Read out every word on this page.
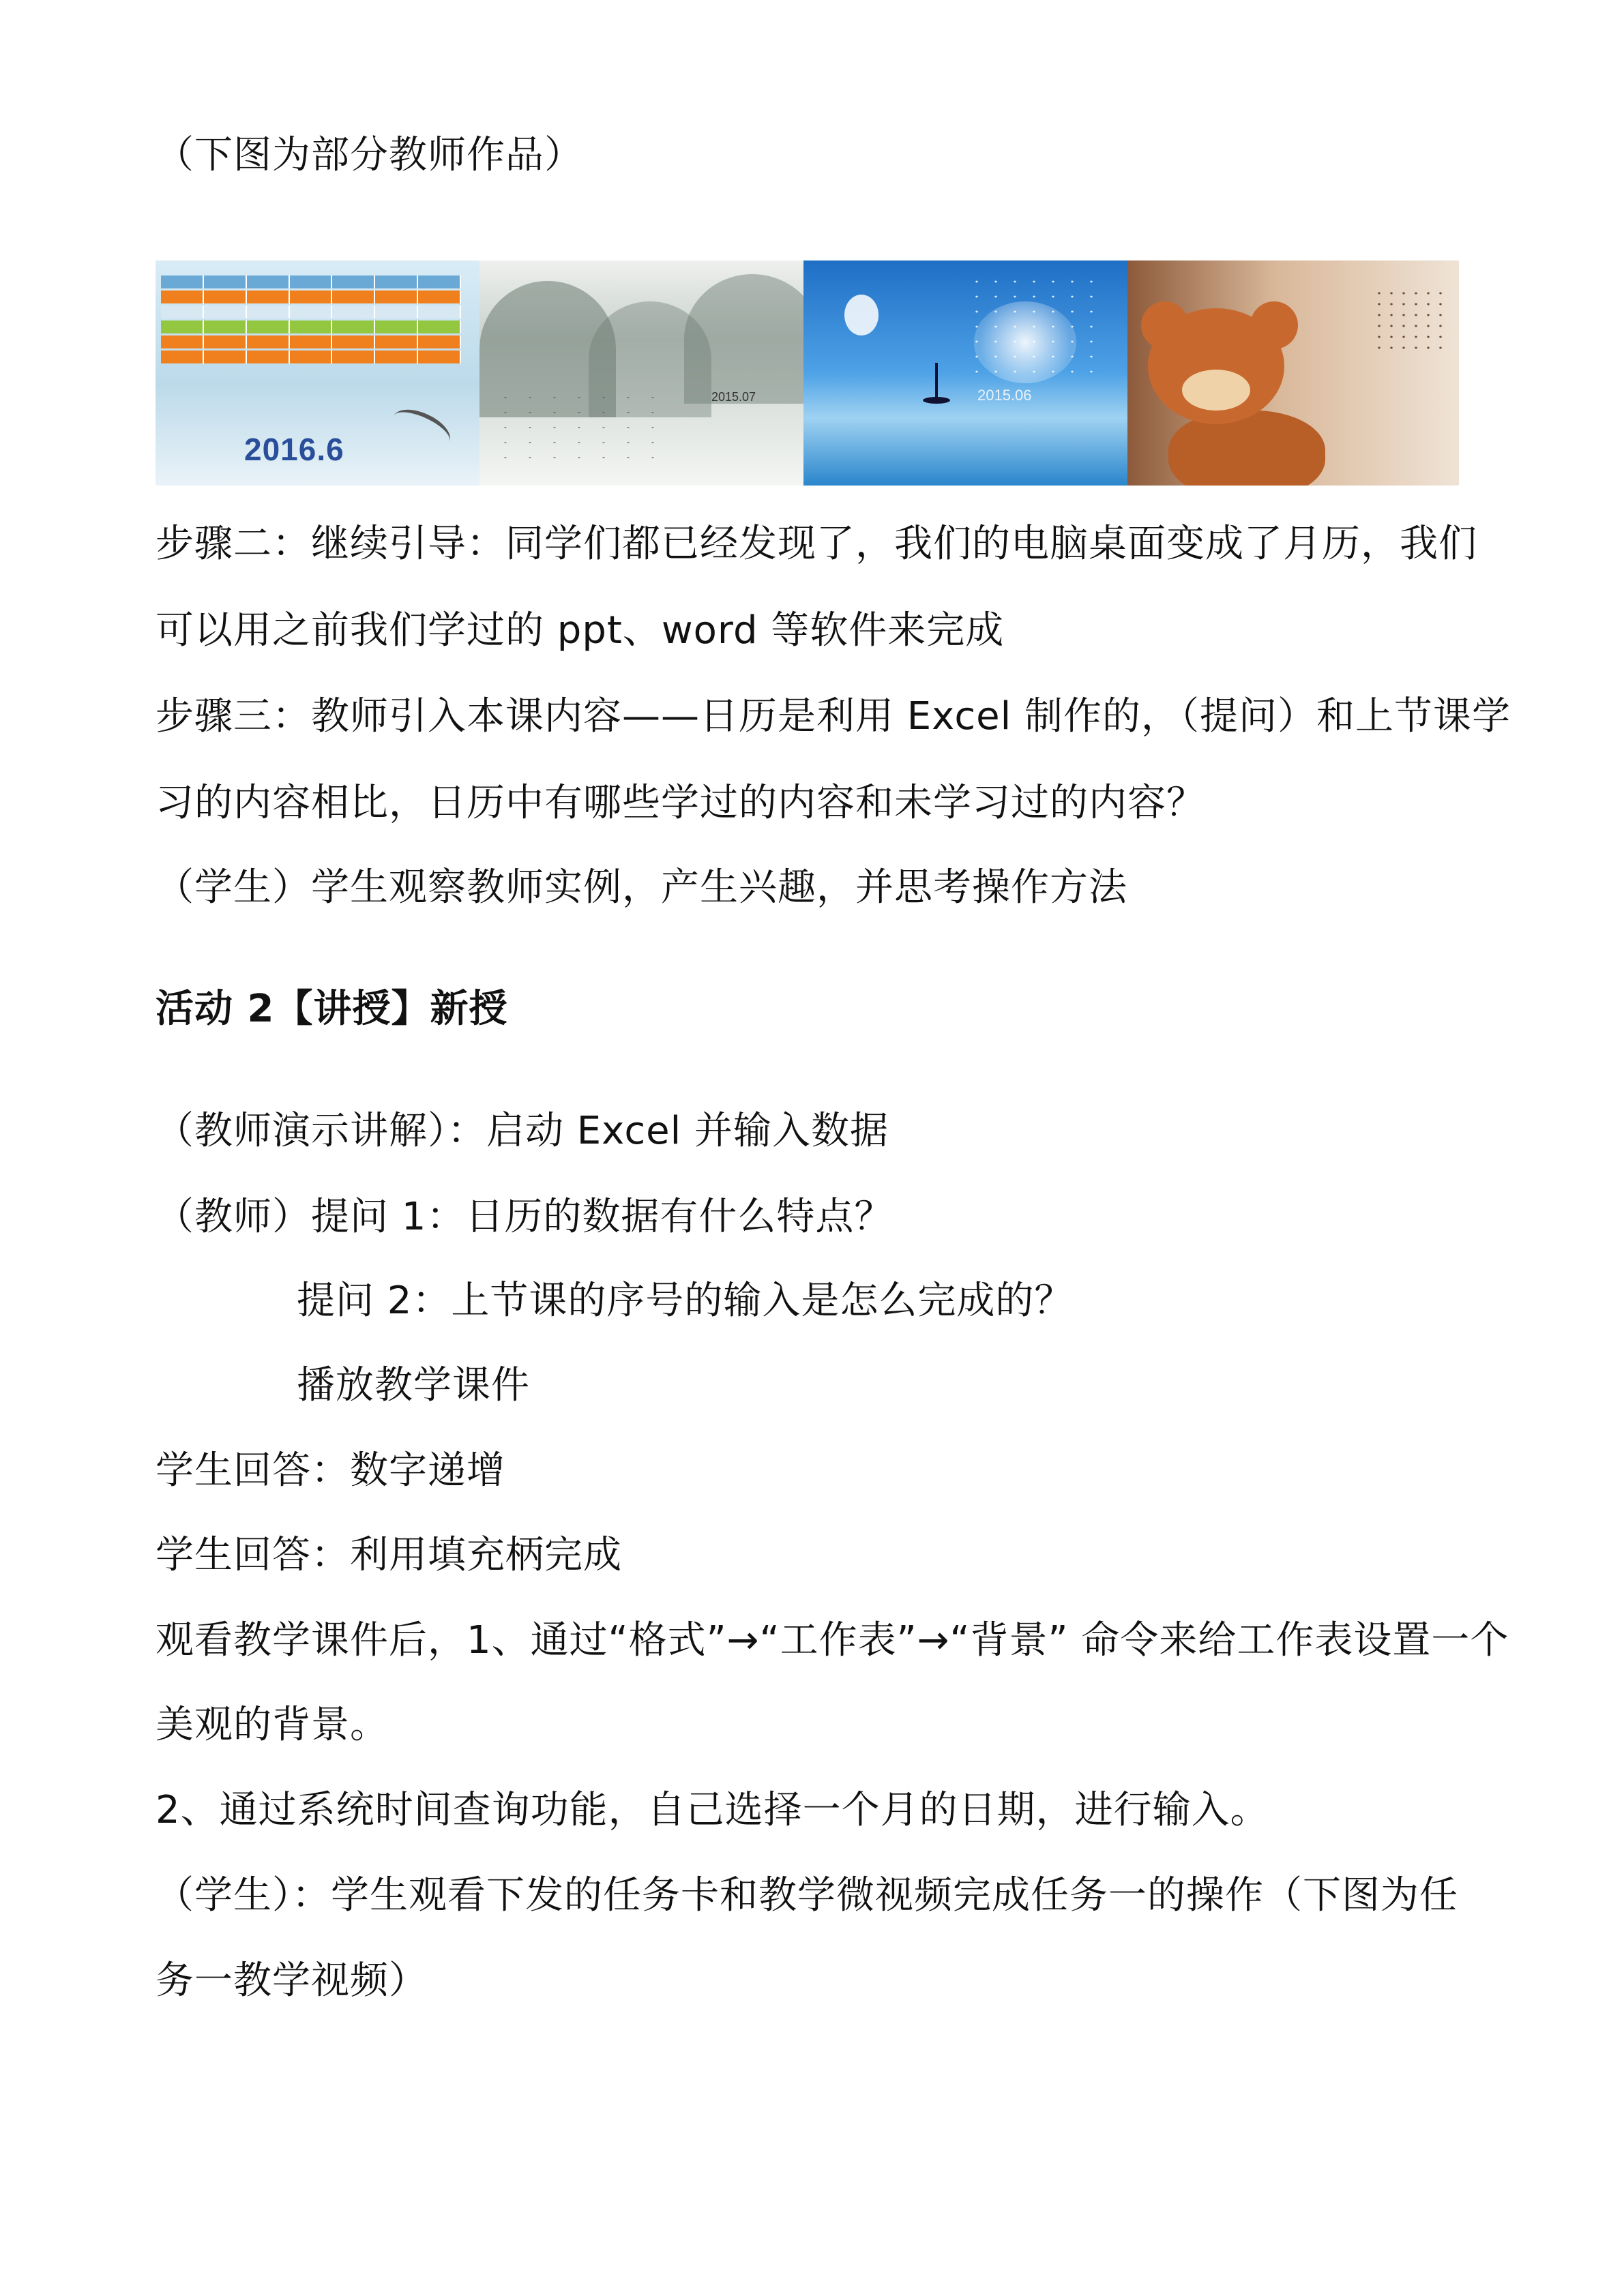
（下图为部分教师作品）

2016.6
2015.07	2015.06

步骤二：继续引导：同学们都已经发现了，我们的电脑桌面变成了月历，我们

可以用之前我们学过的 ppt、word 等软件来完成

步骤三：教师引入本课内容——日历是利用 Excel 制作的，（提问）和上节课学

习的内容相比，日历中有哪些学过的内容和未学习过的内容？

（学生）学生观察教师实例，产生兴趣，并思考操作方法

活动 2【讲授】新授

（教师演示讲解）：启动 Excel 并输入数据

（教师）提问 1：日历的数据有什么特点？

提问 2：上节课的序号的输入是怎么完成的？

播放教学课件

学生回答：数字递增

学生回答：利用填充柄完成

观看教学课件后，1、通过“格式”→“工作表”→“背景” 命令来给工作表设置一个

美观的背景。

2、通过系统时间查询功能，自己选择一个月的日期，进行输入。

（学生）：学生观看下发的任务卡和教学微视频完成任务一的操作（下图为任

务一教学视频）
